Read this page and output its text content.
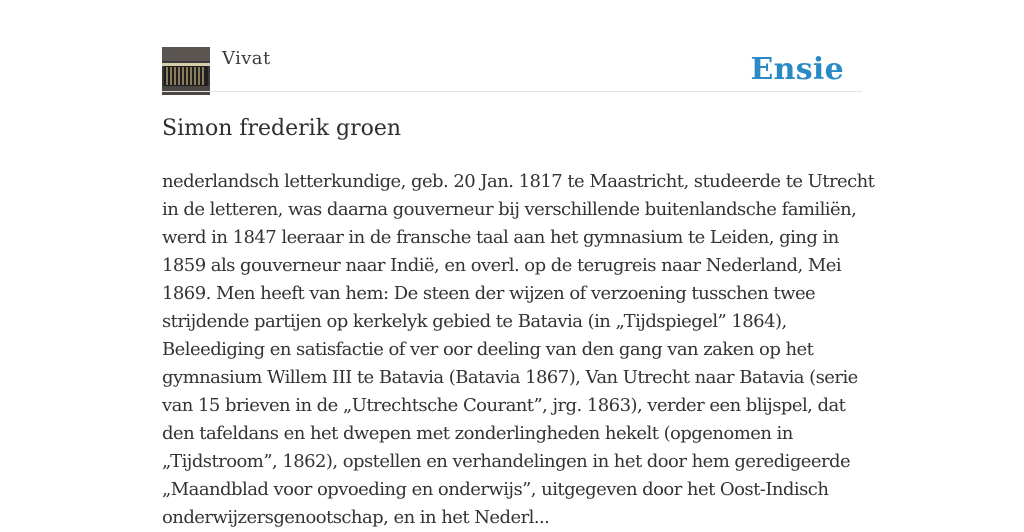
Vivat	Ensie
Simon frederik groen
nederlandsch letterkundige, geb. 20 Jan. 1817 te Maastricht, studeerde te Utrecht
in de letteren, was daarna gouverneur bij verschillende buitenlandsche familiën,
werd in 1847 leeraar in de fransche taal aan het gymnasium te Leiden, ging in
1859 als gouverneur naar Indië, en overl. op de terugreis naar Nederland, Mei
1869. Men heeft van hem: De steen der wijzen of verzoening tusschen twee
strijdende partijen op kerkelyk gebied te Batavia (in „Tijdspiegel” 1864),
Beleediging en satisfactie of ver oor deeling van den gang van zaken op het
gymnasium Willem III te Batavia (Batavia 1867), Van Utrecht naar Batavia (serie
van 15 brieven in de „Utrechtsche Courant”, jrg. 1863), verder een blijspel, dat
den tafeldans en het dwepen met zonderlingheden hekelt (opgenomen in
„Tijdstroom”, 1862), opstellen en verhandelingen in het door hem geredigeerde
„Maandblad voor opvoeding en onderwijs”, uitgegeven door het Oost-Indisch
onderwijzersgenootschap, en in het Nederl...
